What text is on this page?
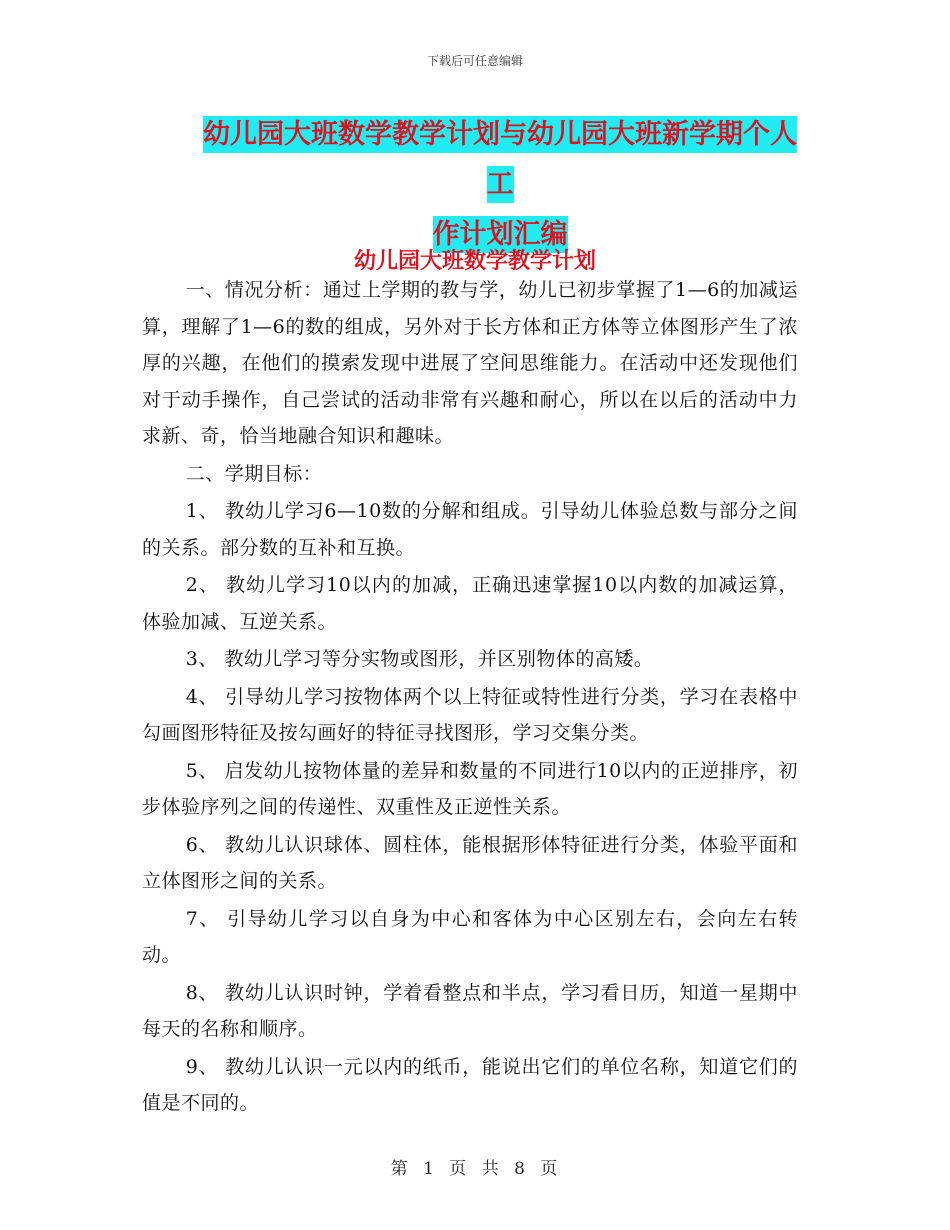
下载后可任意编辑
幼儿园大班数学教学计划与幼儿园大班新学期个人工
作计划汇编
幼儿园大班数学教学计划

一、情况分析：通过上学期的教与学，幼儿已初步掌握了1—6的加减运算，理解了1—6的数的组成，另外对于长方体和正方体等立体图形产生了浓厚的兴趣，在他们的摸索发现中进展了空间思维能力。在活动中还发现他们对于动手操作，自己尝试的活动非常有兴趣和耐心，所以在以后的活动中力求新、奇，恰当地融合知识和趣味。

二、学期目标：

1、 教幼儿学习6—10数的分解和组成。引导幼儿体验总数与部分之间的关系。部分数的互补和互换。

2、 教幼儿学习10以内的加减，正确迅速掌握10以内数的加减运算，体验加减、互逆关系。

3、 教幼儿学习等分实物或图形，并区别物体的高矮。

4、 引导幼儿学习按物体两个以上特征或特性进行分类，学习在表格中勾画图形特征及按勾画好的特征寻找图形，学习交集分类。

5、 启发幼儿按物体量的差异和数量的不同进行10以内的正逆排序，初步体验序列之间的传递性、双重性及正逆性关系。

6、 教幼儿认识球体、圆柱体，能根据形体特征进行分类，体验平面和立体图形之间的关系。

7、 引导幼儿学习以自身为中心和客体为中心区别左右，会向左右转动。

8、 教幼儿认识时钟，学着看整点和半点，学习看日历，知道一星期中每天的名称和顺序。

9、 教幼儿认识一元以内的纸币，能说出它们的单位名称，知道它们的值是不同的。

第 1 页 共 8 页
